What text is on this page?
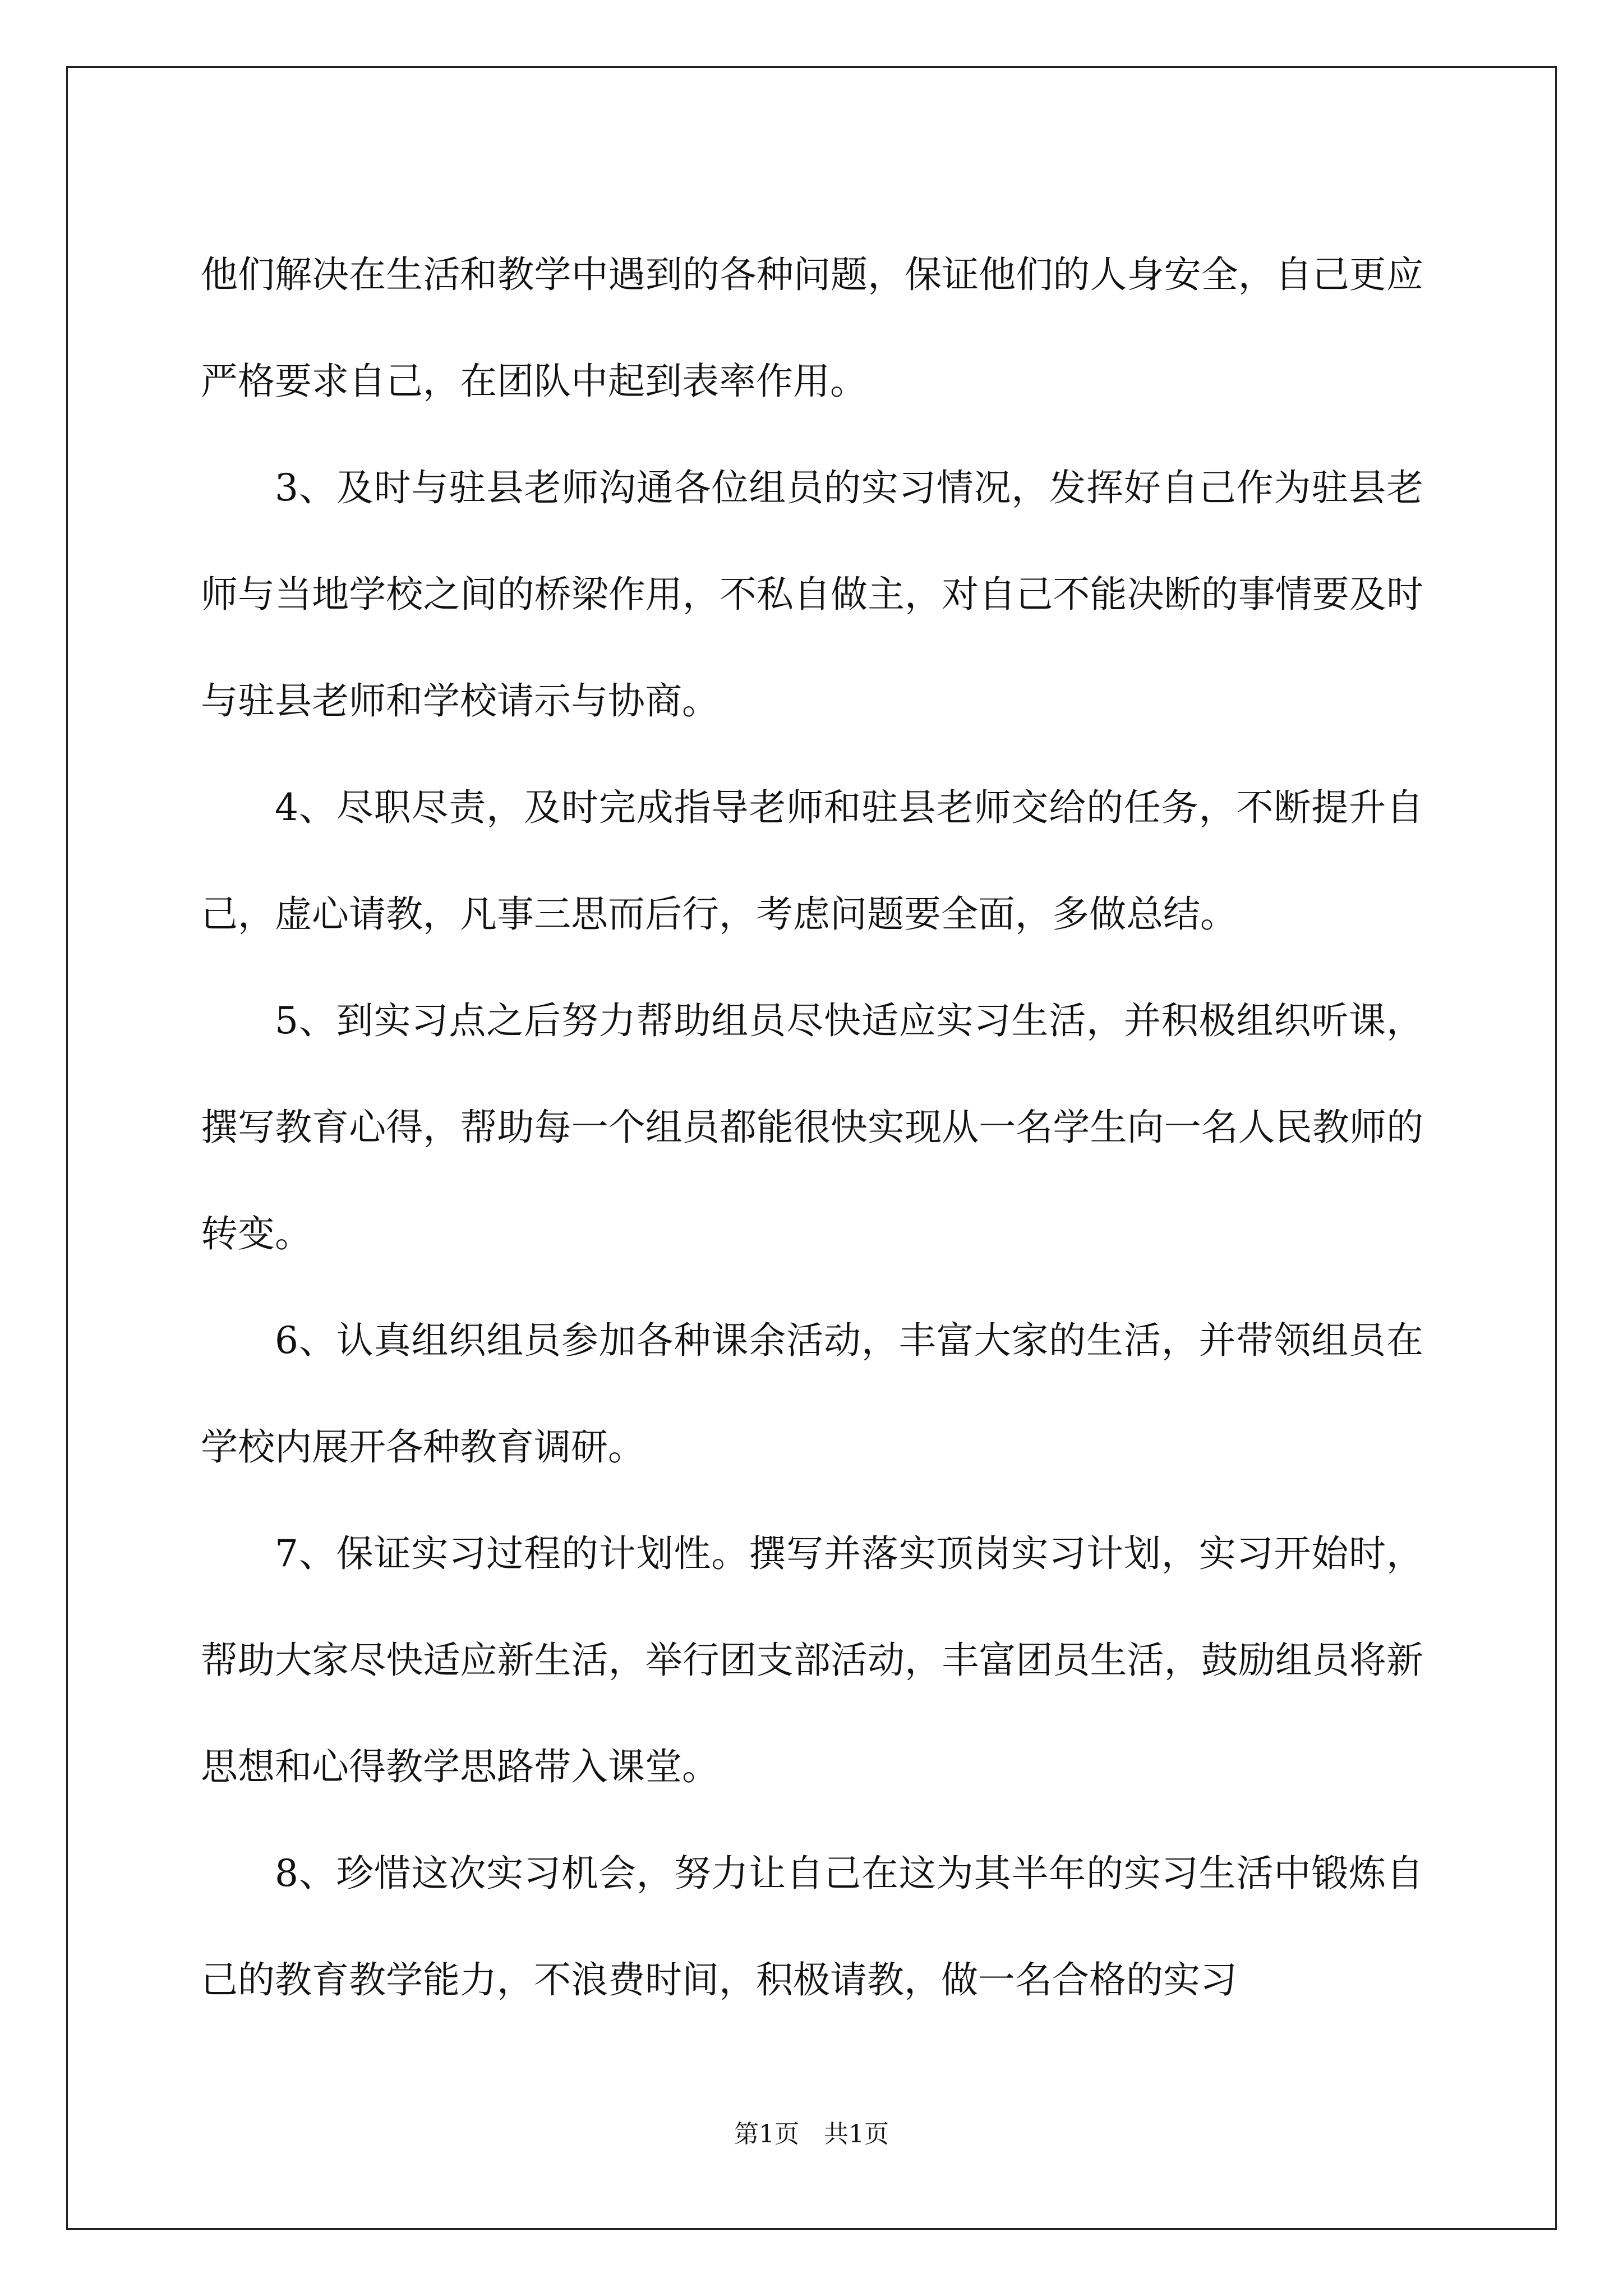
他们解决在生活和教学中遇到的各种问题，保证他们的人身安全，自己更应严格要求自己，在团队中起到表率作用。

3、及时与驻县老师沟通各位组员的实习情况，发挥好自己作为驻县老师与当地学校之间的桥梁作用，不私自做主，对自己不能决断的事情要及时与驻县老师和学校请示与协商。

4、尽职尽责，及时完成指导老师和驻县老师交给的任务，不断提升自己，虚心请教，凡事三思而后行，考虑问题要全面，多做总结。

5、到实习点之后努力帮助组员尽快适应实习生活，并积极组织听课，撰写教育心得，帮助每一个组员都能很快实现从一名学生向一名人民教师的转变。

6、认真组织组员参加各种课余活动，丰富大家的生活，并带领组员在学校内展开各种教育调研。

7、保证实习过程的计划性。撰写并落实顶岗实习计划，实习开始时，帮助大家尽快适应新生活，举行团支部活动，丰富团员生活，鼓励组员将新思想和心得教学思路带入课堂。

8、珍惜这次实习机会，努力让自己在这为其半年的实习生活中锻炼自己的教育教学能力，不浪费时间，积极请教，做一名合格的实习

第1页　共1页
